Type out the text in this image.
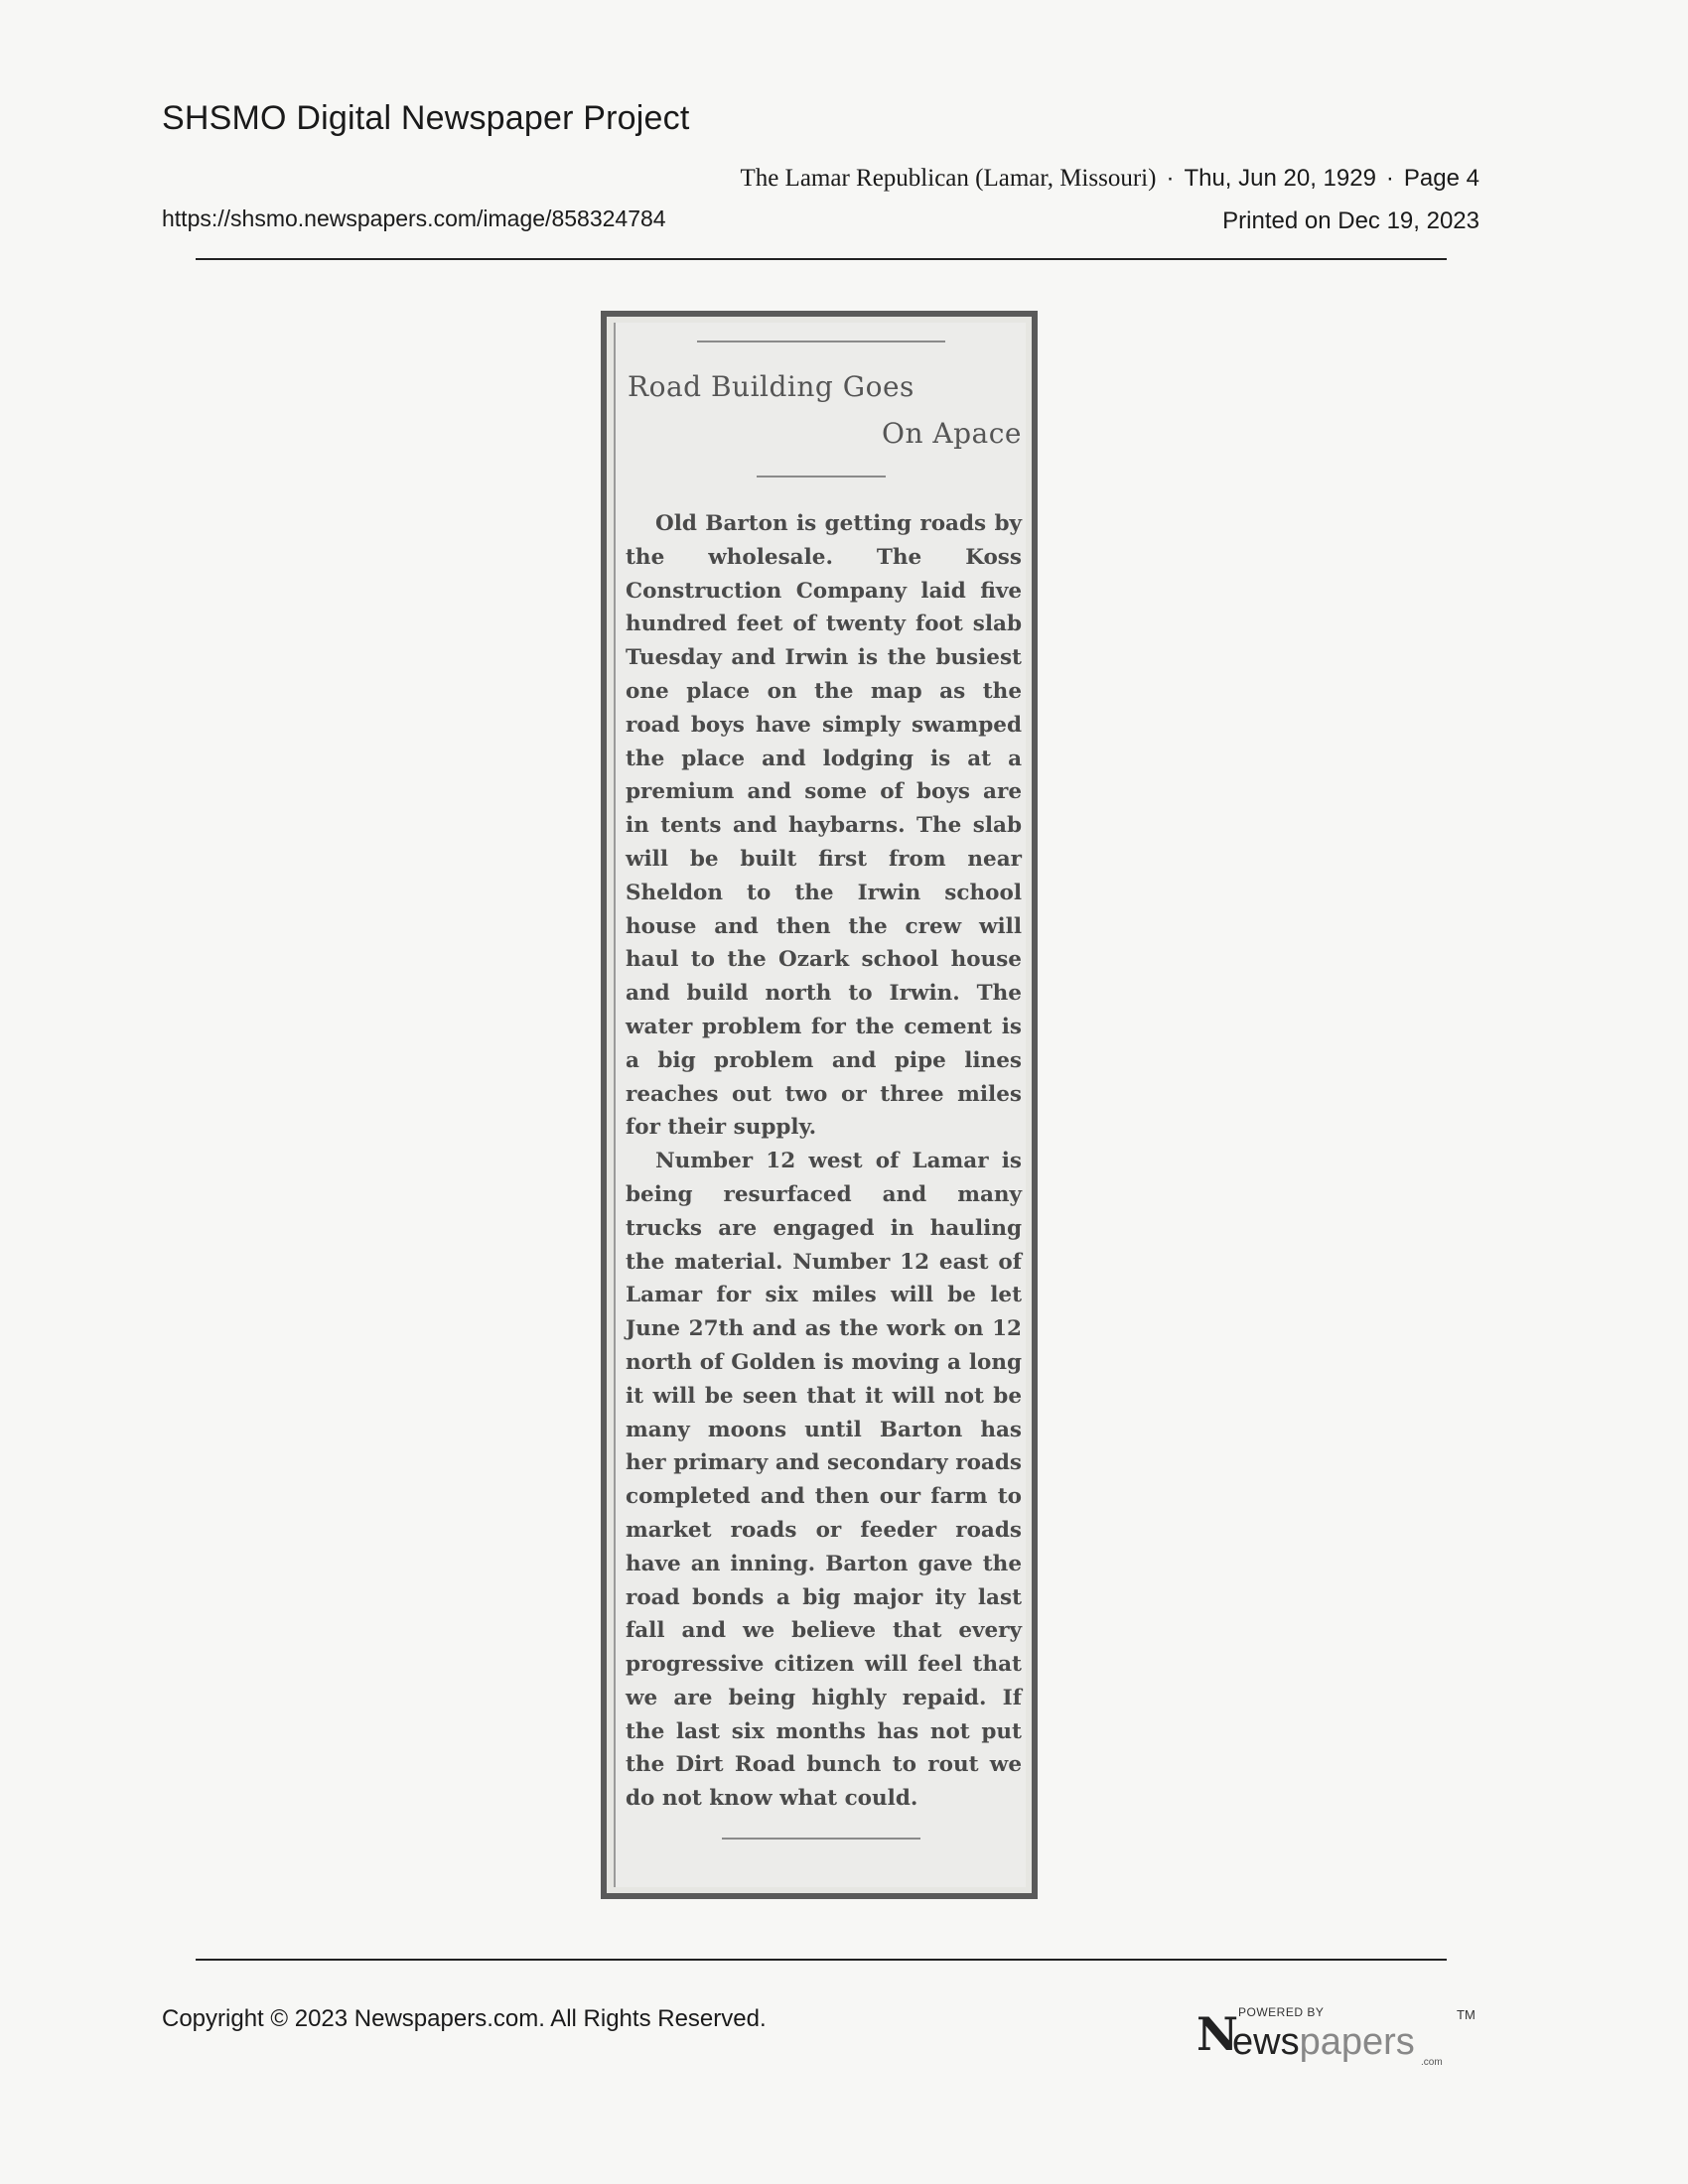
SHSMO Digital Newspaper Project
The Lamar Republican (Lamar, Missouri) · Thu, Jun 20, 1929 · Page 4
https://shsmo.newspapers.com/image/858324784	Printed on Dec 19, 2023
Road Building Goes
On Apace

Old Barton is getting roads by the wholesale. The Koss Construction Company laid five hundred feet of twenty foot slab Tuesday and Irwin is the busiest one place on the map as the road boys have simply swamped the place and lodging is at a premium and some of boys are in tents and haybarns. The slab will be built first from near Sheldon to the Irwin school house and then the crew will haul to the Ozark school house and build north to Irwin. The water problem for the cement is a big problem and pipe lines reaches out two or three miles for their supply.

Number 12 west of Lamar is being resurfaced and many trucks are engaged in hauling the material. Number 12 east of Lamar for six miles will be let June 27th and as the work on 12 north of Golden is moving a long it will be seen that it will not be many moons until Barton has her primary and secondary roads completed and then our farm to market roads or feeder roads have an inning. Barton gave the road bonds a big major ity last fall and we believe that every progressive citizen will feel that we are being highly repaid. If the last six months has not put the Dirt Road bunch to rout we do not know what could.

Copyright © 2023 Newspapers.com. All Rights Reserved.	N POWERED BY
ewspapers
TM
.com
